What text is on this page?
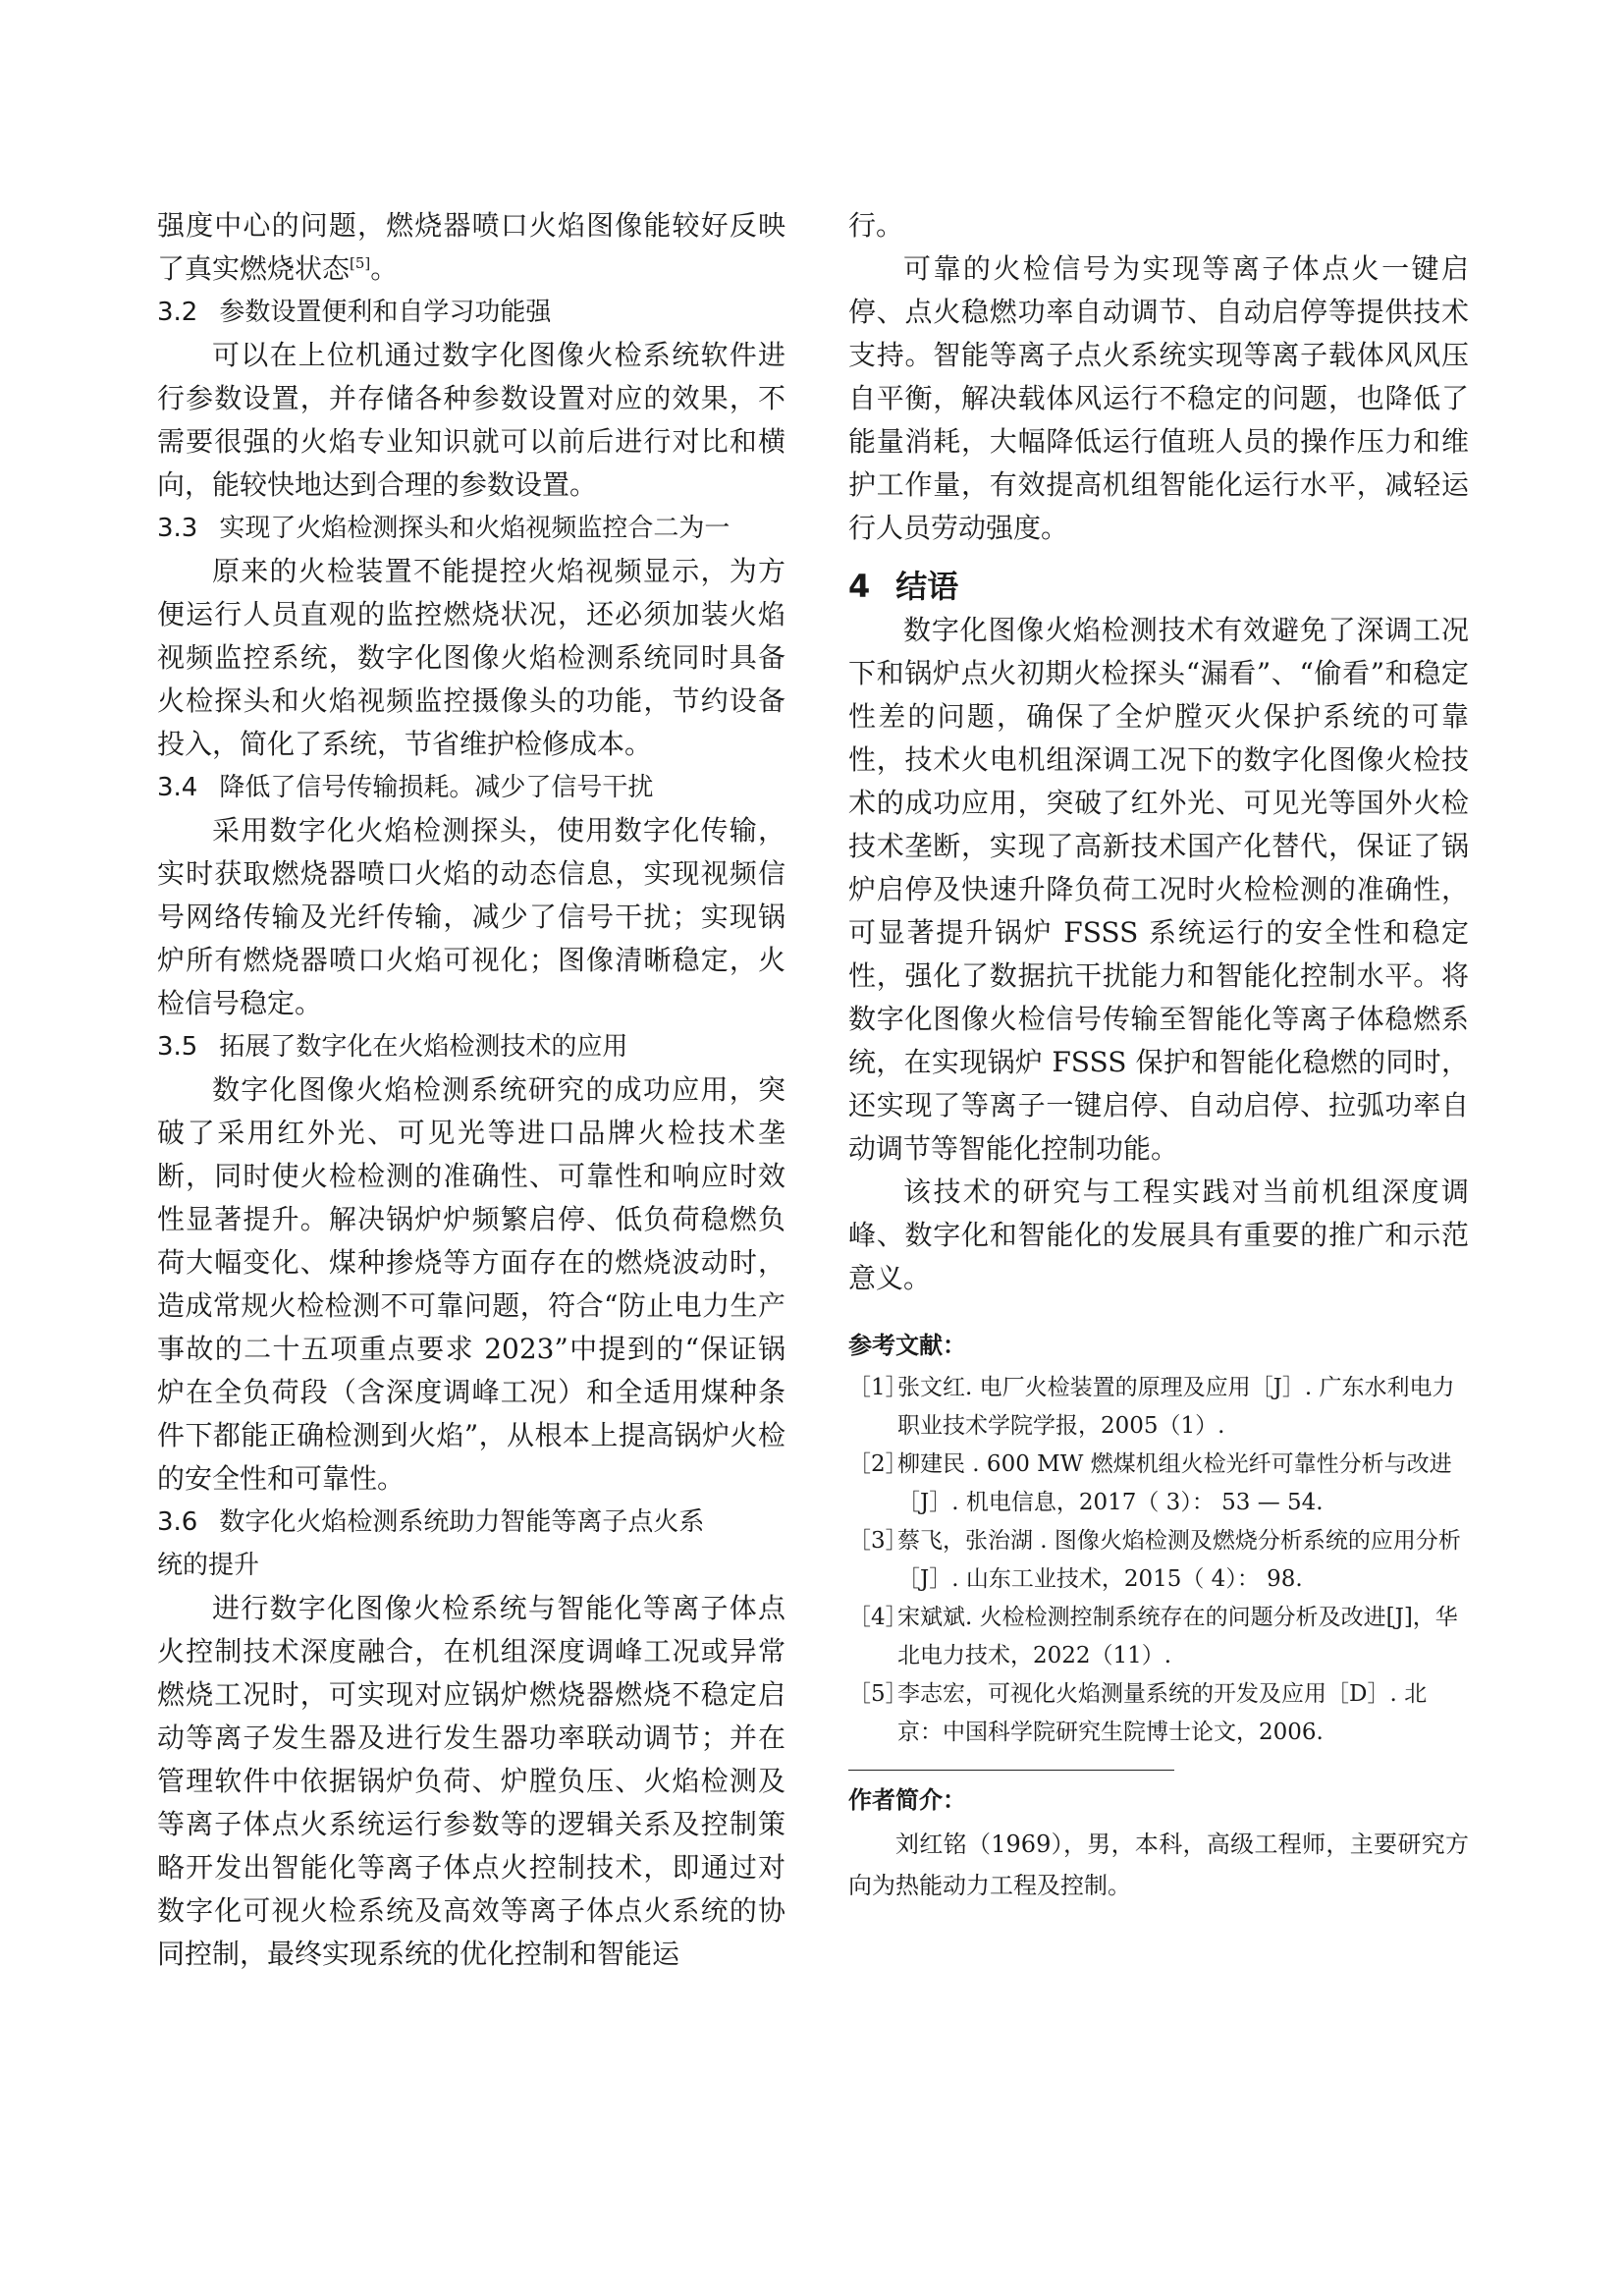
强度中心的问题，燃烧器喷口火焰图像能较好反映了真实燃烧状态[5]。

3.2 参数设置便利和自学习功能强

可以在上位机通过数字化图像火检系统软件进行参数设置，并存储各种参数设置对应的效果，不需要很强的火焰专业知识就可以前后进行对比和横向，能较快地达到合理的参数设置。

3.3 实现了火焰检测探头和火焰视频监控合二为一

原来的火检装置不能提控火焰视频显示，为方便运行人员直观的监控燃烧状况，还必须加装火焰视频监控系统，数字化图像火焰检测系统同时具备火检探头和火焰视频监控摄像头的功能，节约设备投入，简化了系统，节省维护检修成本。

3.4 降低了信号传输损耗。减少了信号干扰

采用数字化火焰检测探头，使用数字化传输，实时获取燃烧器喷口火焰的动态信息，实现视频信号网络传输及光纤传输，减少了信号干扰；实现锅炉所有燃烧器喷口火焰可视化；图像清晰稳定，火检信号稳定。

3.5 拓展了数字化在火焰检测技术的应用

数字化图像火焰检测系统研究的成功应用，突破了采用红外光、可见光等进口品牌火检技术垄断，同时使火检检测的准确性、可靠性和响应时效性显著提升。解决锅炉炉频繁启停、低负荷稳燃负荷大幅变化、煤种掺烧等方面存在的燃烧波动时，造成常规火检检测不可靠问题，符合“防止电力生产事故的二十五项重点要求 2023”中提到的“保证锅炉在全负荷段（含深度调峰工况）和全适用煤种条件下都能正确检测到火焰”，从根本上提高锅炉火检的安全性和可靠性。

3.6 数字化火焰检测系统助力智能等离子点火系
统的提升

进行数字化图像火检系统与智能化等离子体点火控制技术深度融合，在机组深度调峰工况或异常燃烧工况时，可实现对应锅炉燃烧器燃烧不稳定启动等离子发生器及进行发生器功率联动调节；并在管理软件中依据锅炉负荷、炉膛负压、火焰检测及等离子体点火系统运行参数等的逻辑关系及控制策略开发出智能化等离子体点火控制技术，即通过对数字化可视火检系统及高效等离子体点火系统的协同控制，最终实现系统的优化控制和智能运

行。

可靠的火检信号为实现等离子体点火一键启停、点火稳燃功率自动调节、自动启停等提供技术支持。智能等离子点火系统实现等离子载体风风压自平衡，解决载体风运行不稳定的问题，也降低了能量消耗，大幅降低运行值班人员的操作压力和维护工作量，有效提高机组智能化运行水平，减轻运行人员劳动强度。

4 结语

数字化图像火焰检测技术有效避免了深调工况下和锅炉点火初期火检探头“漏看”、“偷看”和稳定性差的问题，确保了全炉膛灭火保护系统的可靠性，技术火电机组深调工况下的数字化图像火检技术的成功应用，突破了红外光、可见光等国外火检技术垄断，实现了高新技术国产化替代，保证了锅炉启停及快速升降负荷工况时火检检测的准确性，可显著提升锅炉 FSSS 系统运行的安全性和稳定性，强化了数据抗干扰能力和智能化控制水平。将数字化图像火检信号传输至智能化等离子体稳燃系统，在实现锅炉 FSSS 保护和智能化稳燃的同时，还实现了等离子一键启停、自动启停、拉弧功率自动调节等智能化控制功能。

该技术的研究与工程实践对当前机组深度调峰、数字化和智能化的发展具有重要的推广和示范意义。

参考文献：
［1］
张文红. 电厂火检装置的原理及应用［J］. 广东水利电力职业技术学院学报，2005（1）.
［2］
柳建民 . 600 MW 燃煤机组火检光纤可靠性分析与改进［J］. 机电信息，2017（ 3）： 53 — 54.
［3］
蔡飞，张治湖 . 图像火焰检测及燃烧分析系统的应用分析［J］. 山东工业技术，2015（ 4）： 98.
［4］
宋斌斌. 火检检测控制系统存在的问题分析及改进[J]，华北电力技术，2022（11）.
［5］
李志宏，可视化火焰测量系统的开发及应用［D］. 北京：中国科学院研究生院博士论文，2006.
作者简介：

刘红铭（1969），男，本科，高级工程师，主要研究方向为热能动力工程及控制。
